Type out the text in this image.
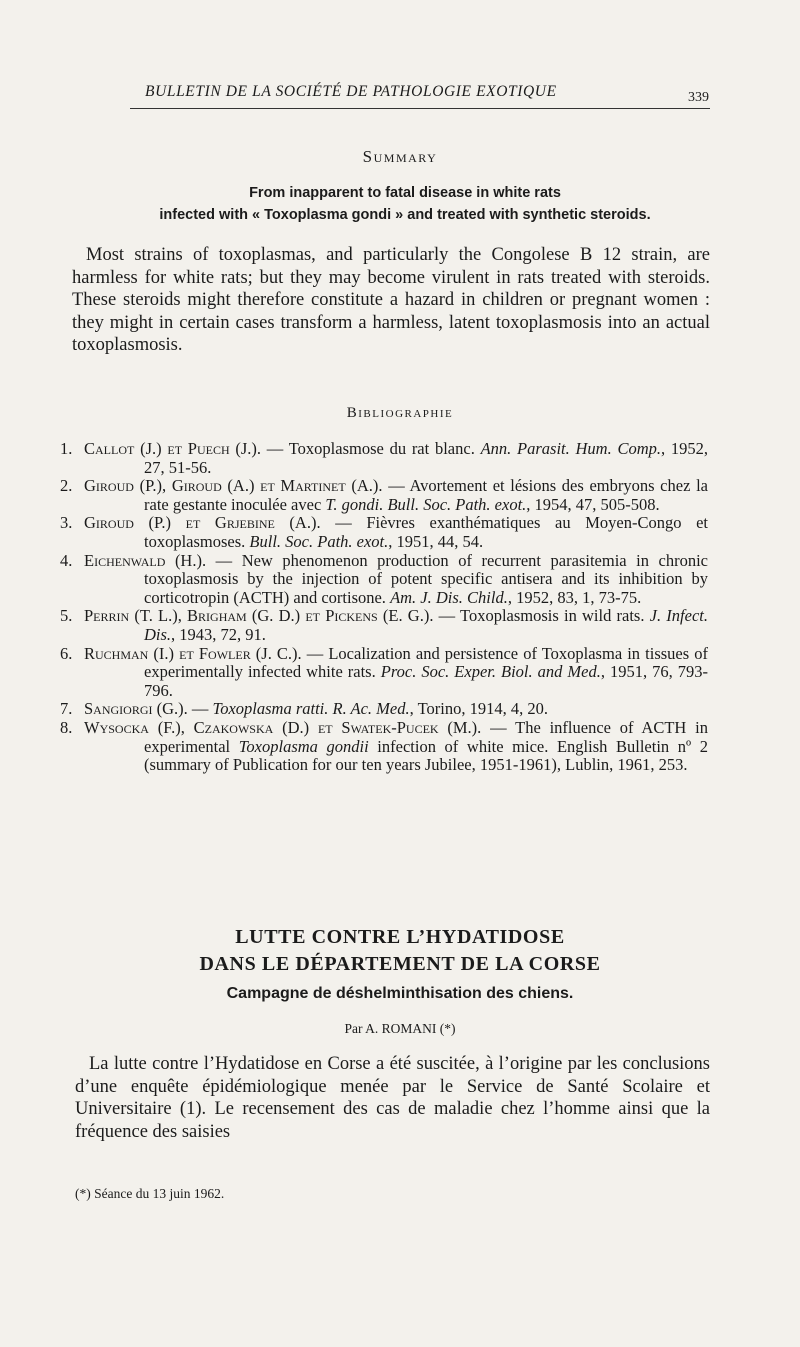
BULLETIN DE LA SOCIÉTÉ DE PATHOLOGIE EXOTIQUE	339
Summary
From inapparent to fatal disease in white rats
infected with « Toxoplasma gondi » and treated with synthetic steroids.
Most strains of toxoplasmas, and particularly the Congolese B 12 strain, are harmless for white rats; but they may become virulent in rats treated with steroids. These steroids might therefore constitute a hazard in children or pregnant women : they might in certain cases transform a harmless, latent toxoplasmosis into an actual toxoplasmosis.
Bibliographie
1. Callot (J.) et Puech (J.). — Toxoplasmose du rat blanc. Ann. Parasit. Hum. Comp., 1952, 27, 51-56.
2. Giroud (P.), Giroud (A.) et Martinet (A.). — Avortement et lésions des embryons chez la rate gestante inoculée avec T. gondi. Bull. Soc. Path. exot., 1954, 47, 505-508.
3. Giroud (P.) et Grjebine (A.). — Fièvres exanthématiques au Moyen-Congo et toxoplasmoses. Bull. Soc. Path. exot., 1951, 44, 54.
4. Eichenwald (H.). — New phenomenon production of recurrent parasitemia in chronic toxoplasmosis by the injection of potent specific antisera and its inhibition by corticotropin (ACTH) and cortisone. Am. J. Dis. Child., 1952, 83, 1, 73-75.
5. Perrin (T. L.), Brigham (G. D.) et Pickens (E. G.). — Toxoplasmosis in wild rats. J. Infect. Dis., 1943, 72, 91.
6. Ruchman (I.) et Fowler (J. C.). — Localization and persistence of Toxoplasma in tissues of experimentally infected white rats. Proc. Soc. Exper. Biol. and Med., 1951, 76, 793-796.
7. Sangiorgi (G.). — Toxoplasma ratti. R. Ac. Med., Torino, 1914, 4, 20.
8. Wysocka (F.), Czakowska (D.) et Swatek-Pucek (M.). — The influence of ACTH in experimental Toxoplasma gondii infection of white mice. English Bulletin nº 2 (summary of Publication for our ten years Jubilee, 1951-1961), Lublin, 1961, 253.
LUTTE CONTRE L’HYDATIDOSE
DANS LE DÉPARTEMENT DE LA CORSE
Campagne de déshelminthisation des chiens.
Par A. ROMANI (*)
La lutte contre l’Hydatidose en Corse a été suscitée, à l’origine par les conclusions d’une enquête épidémiologique menée par le Service de Santé Scolaire et Universitaire (1). Le recensement des cas de maladie chez l’homme ainsi que la fréquence des saisies
(*) Séance du 13 juin 1962.
